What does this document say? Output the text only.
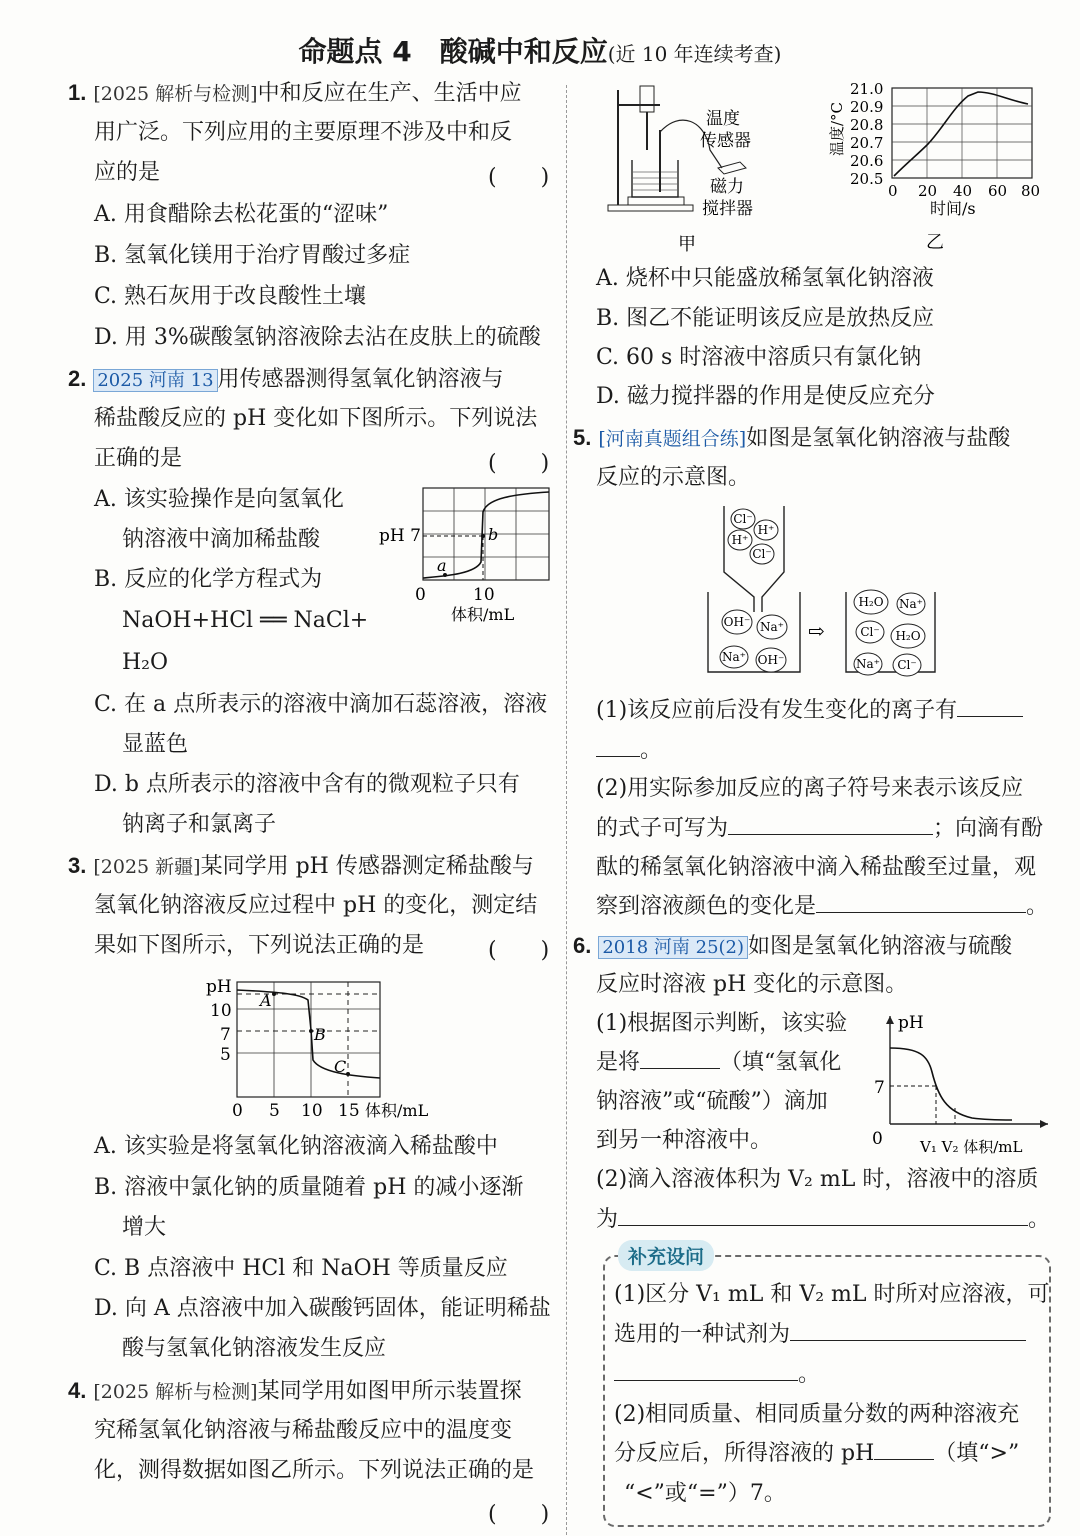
命题点 4　酸碱中和反应(近 10 年连续考查)
1. [2025 解析与检测]中和反应在生产、生活中应
用广泛。下列应用的主要原理不涉及中和反
应的是	(　　)
A. 用食醋除去松花蛋的“涩味”
B. 氢氧化镁用于治疗胃酸过多症
C. 熟石灰用于改良酸性土壤
D. 用 3%碳酸氢钠溶液除去沾在皮肤上的硫酸
2. 2025 河南 13 用传感器测得氢氧化钠溶液与
稀盐酸反应的 pH 变化如下图所示。下列说法
正确的是	(　　)
A. 该实验操作是向氢氧化
钠溶液中滴加稀盐酸
B. 反应的化学方程式为
NaOH+HCl ══ NaCl+
H₂O
C. 在 a 点所表示的溶液中滴加石蕊溶液，溶液
显蓝色
D. b 点所表示的溶液中含有的微观粒子只有
钠离子和氯离子
a
b
pH 7
0	10
体积/mL
3. [2025 新疆]某同学用 pH 传感器测定稀盐酸与
氢氧化钠溶液反应过程中 pH 的变化，测定结
果如下图所示，下列说法正确的是	(　　)
A
B
C
pH
10
7
5
0 5 10 15 体积/mL
A. 该实验是将氢氧化钠溶液滴入稀盐酸中
B. 溶液中氯化钠的质量随着 pH 的减小逐渐
增大
C. B 点溶液中 HCl 和 NaOH 等质量反应
D. 向 A 点溶液中加入碳酸钙固体，能证明稀盐
酸与氢氧化钠溶液发生反应
4. [2025 解析与检测]某同学用如图甲所示装置探
究稀氢氧化钠溶液与稀盐酸反应中的温度变
化，测得数据如图乙所示。下列说法正确的是
(　　)
温度
传感器
磁力
搅拌器
甲
温度/°C
21.0
20.9
20.8
20.7
20.6
20.5
0 20 40 60 80
时间/s
乙
A. 烧杯中只能盛放稀氢氧化钠溶液
B. 图乙不能证明该反应是放热反应
C. 60 s 时溶液中溶质只有氯化钠
D. 磁力搅拌器的作用是使反应充分
5. [河南真题组合练]如图是氢氧化钠溶液与盐酸
反应的示意图。
⇨
Cl⁻
H⁺
H⁺
Cl⁻
OH⁻ Na⁺
Na⁺ OH⁻
H₂O Na⁺
Cl⁻ H₂O
Na⁺ Cl⁻
(1)该反应前后没有发生变化的离子有
。
(2)用实际参加反应的离子符号来表示该反应
的式子可写为	；向滴有酚
酞的稀氢氧化钠溶液中滴入稀盐酸至过量，观
察到溶液颜色的变化是	。
6. 2018 河南 25(2) 如图是氢氧化钠溶液与硫酸
反应时溶液 pH 变化的示意图。
(1)根据图示判断，该实验
是将	（填“氢氧化
钠溶液”或“硫酸”）滴加
到另一种溶液中。
pH
7
0 V₁ V₂ 体积/mL
(2)滴入溶液体积为 V₂ mL 时，溶液中的溶质
为	。
补充设问
(1)区分 V₁ mL 和 V₂ mL 时所对应溶液，可
选用的一种试剂为
。
(2)相同质量、相同质量分数的两种溶液充
分反应后，所得溶液的 pH	（填“>”
“<”或“=”）7。
